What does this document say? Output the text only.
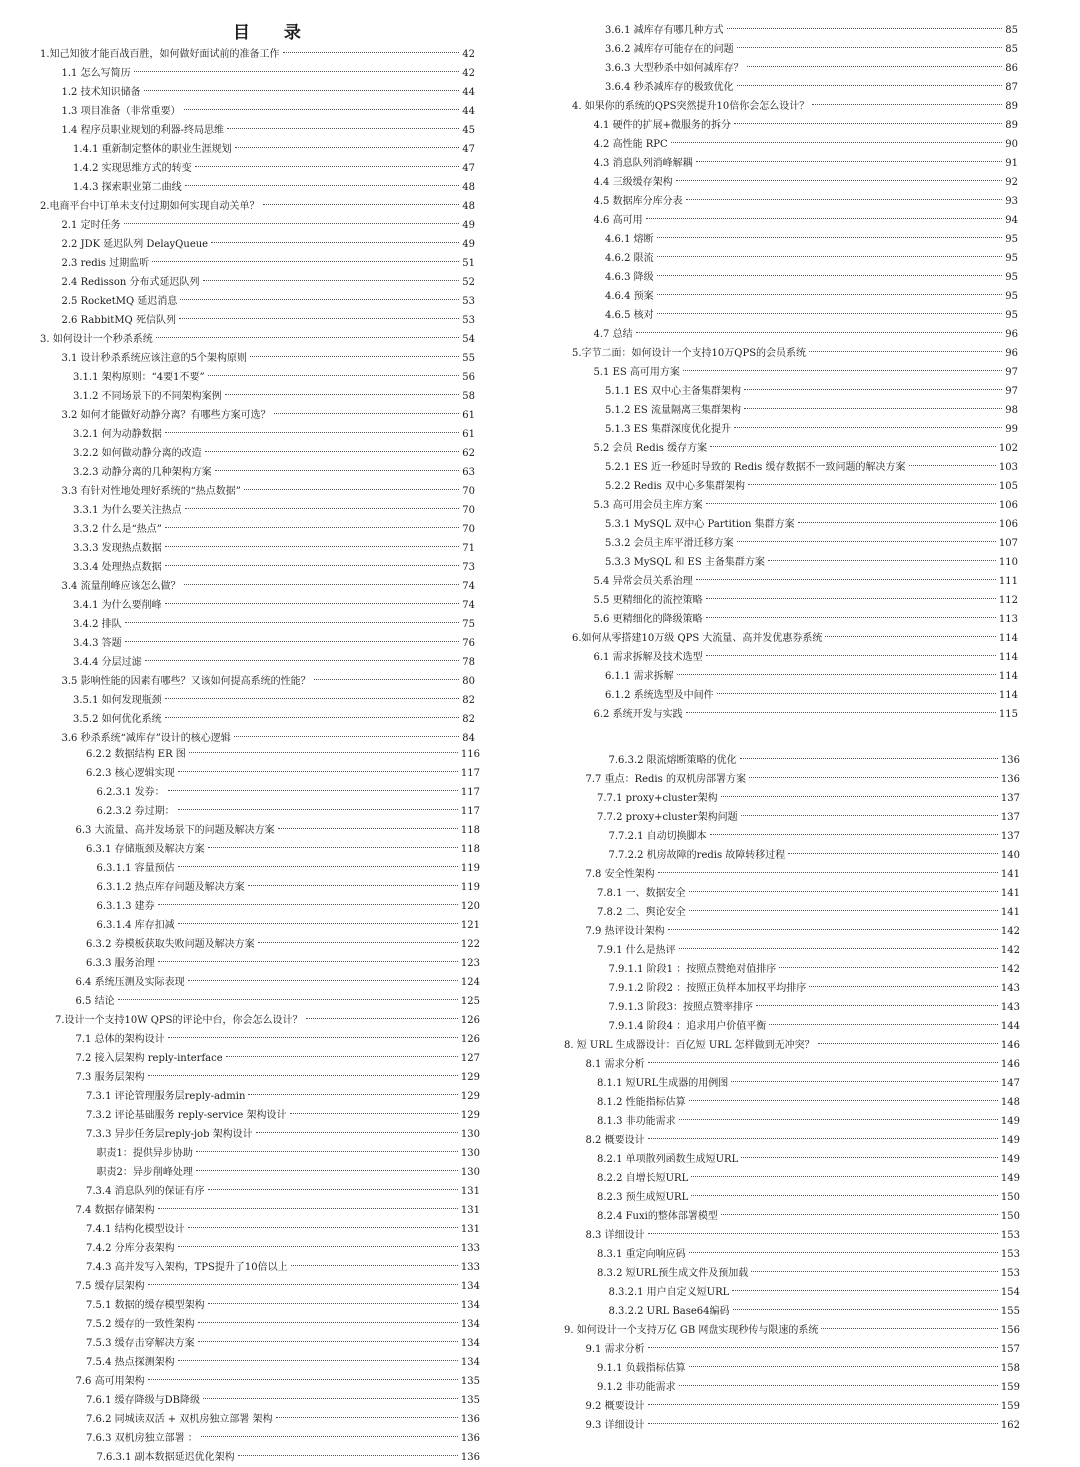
目 录
1.知己知彼才能百战百胜，如何做好面试前的准备工作	42
1.1 怎么写简历	42
1.2 技术知识储备	44
1.3 项目准备（非常重要）	44
1.4 程序员职业规划的利器-终局思维	45
1.4.1 重新制定整体的职业生涯规划	47
1.4.2 实现思维方式的转变	47
1.4.3 探索职业第二曲线	48
2.电商平台中订单未支付过期如何实现自动关单？	48
2.1 定时任务	49
2.2 JDK 延迟队列 DelayQueue	49
2.3 redis 过期监听	51
2.4 Redisson 分布式延迟队列	52
2.5 RocketMQ 延迟消息	53
2.6 RabbitMQ 死信队列	53
3. 如何设计一个秒杀系统	54
3.1 设计秒杀系统应该注意的5个架构原则	55
3.1.1 架构原则：“4要1不要”	56
3.1.2 不同场景下的不同架构案例	58
3.2 如何才能做好动静分离？有哪些方案可选？	61
3.2.1 何为动静数据	61
3.2.2 如何做动静分离的改造	62
3.2.3 动静分离的几种架构方案	63
3.3 有针对性地处理好系统的“热点数据”	70
3.3.1 为什么要关注热点	70
3.3.2 什么是“热点”	70
3.3.3 发现热点数据	71
3.3.4 处理热点数据	73
3.4 流量削峰应该怎么做？	74
3.4.1 为什么要削峰	74
3.4.2 排队	75
3.4.3 答题	76
3.4.4 分层过滤	78
3.5 影响性能的因素有哪些？又该如何提高系统的性能？	80
3.5.1 如何发现瓶颈	82
3.5.2 如何优化系统	82
3.6 秒杀系统“减库存”设计的核心逻辑	84
3.6.1 减库存有哪几种方式	85
3.6.2 减库存可能存在的问题	85
3.6.3 大型秒杀中如何减库存？	86
3.6.4 秒杀减库存的极致优化	87
4. 如果你的系统的QPS突然提升10倍你会怎么设计？	89
4.1 硬件的扩展+微服务的拆分	89
4.2 高性能 RPC	90
4.3 消息队列消峰解耦	91
4.4 三级缓存架构	92
4.5 数据库分库分表	93
4.6 高可用	94
4.6.1 熔断	95
4.6.2 限流	95
4.6.3 降级	95
4.6.4 预案	95
4.6.5 核对	95
4.7 总结	96
5.字节二面：如何设计一个支持10万QPS的会员系统	96
5.1 ES 高可用方案	97
5.1.1 ES 双中心主备集群架构	97
5.1.2 ES 流量隔离三集群架构	98
5.1.3 ES 集群深度优化提升	99
5.2 会员 Redis 缓存方案	102
5.2.1 ES 近一秒延时导致的 Redis 缓存数据不一致问题的解决方案	103
5.2.2 Redis 双中心多集群架构	105
5.3 高可用会员主库方案	106
5.3.1 MySQL 双中心 Partition 集群方案	106
5.3.2 会员主库平滑迁移方案	107
5.3.3 MySQL 和 ES 主备集群方案	110
5.4 异常会员关系治理	111
5.5 更精细化的流控策略	112
5.6 更精细化的降级策略	113
6.如何从零搭建10万级 QPS 大流量、高并发优惠券系统	114
6.1 需求拆解及技术选型	114
6.1.1 需求拆解	114
6.1.2 系统选型及中间件	114
6.2 系统开发与实践	115
6.2.2 数据结构 ER 图	116
6.2.3 核心逻辑实现	117
6.2.3.1 发券：	117
6.2.3.2 券过期：	117
6.3 大流量、高并发场景下的问题及解决方案	118
6.3.1 存储瓶颈及解决方案	118
6.3.1.1 容量预估	119
6.3.1.2 热点库存问题及解决方案	119
6.3.1.3 建券	120
6.3.1.4 库存扣减	121
6.3.2 券模板获取失败问题及解决方案	122
6.3.3 服务治理	123
6.4 系统压测及实际表现	124
6.5 结论	125
7.设计一个支持10W QPS的评论中台，你会怎么设计？	126
7.1 总体的架构设计	126
7.2 接入层架构 reply-interface	127
7.3 服务层架构	129
7.3.1 评论管理服务层reply-admin	129
7.3.2 评论基础服务 reply-service 架构设计	129
7.3.3 异步任务层reply-job 架构设计	130
职责1：提供异步协助	130
职责2：异步削峰处理	130
7.3.4 消息队列的保证有序	131
7.4 数据存储架构	131
7.4.1 结构化模型设计	131
7.4.2 分库分表架构	133
7.4.3 高并发写入架构，TPS提升了10倍以上	133
7.5 缓存层架构	134
7.5.1 数据的缓存模型架构	134
7.5.2 缓存的一致性架构	134
7.5.3 缓存击穿解决方案	134
7.5.4 热点探测架构	134
7.6 高可用架构	135
7.6.1 缓存降级与DB降级	135
7.6.2 同城读双活 + 双机房独立部署 架构	136
7.6.3 双机房独立部署 ：	136
7.6.3.1 副本数据延迟优化架构	136
7.6.3.2 限流熔断策略的优化	136
7.7 重点：Redis 的双机房部署方案	136
7.7.1 proxy+cluster架构	137
7.7.2 proxy+cluster架构问题	137
7.7.2.1 自动切换脚本	137
7.7.2.2 机房故障的redis 故障转移过程	140
7.8 安全性架构	141
7.8.1 一、数据安全	141
7.8.2 二、舆论安全	141
7.9 热评设计架构	142
7.9.1 什么是热评	142
7.9.1.1 阶段1 ：按照点赞绝对值排序	142
7.9.1.2 阶段2 ：按照正负样本加权平均排序	143
7.9.1.3 阶段3：按照点赞率排序	143
7.9.1.4 阶段4 ：追求用户价值平衡	144
8. 短 URL 生成器设计：百亿短 URL 怎样做到无冲突？	146
8.1 需求分析	146
8.1.1 短URL生成器的用例图	147
8.1.2 性能指标估算	148
8.1.3 非功能需求	149
8.2 概要设计	149
8.2.1 单项散列函数生成短URL	149
8.2.2 自增长短URL	149
8.2.3 预生成短URL	150
8.2.4 Fuxi的整体部署模型	150
8.3 详细设计	153
8.3.1 重定向响应码	153
8.3.2 短URL预生成文件及预加载	153
8.3.2.1 用户自定义短URL	154
8.3.2.2 URL Base64编码	155
9. 如何设计一个支持万亿 GB 网盘实现秒传与限速的系统	156
9.1 需求分析	157
9.1.1 负载指标估算	158
9.1.2 非功能需求	159
9.2 概要设计	159
9.3 详细设计	162
